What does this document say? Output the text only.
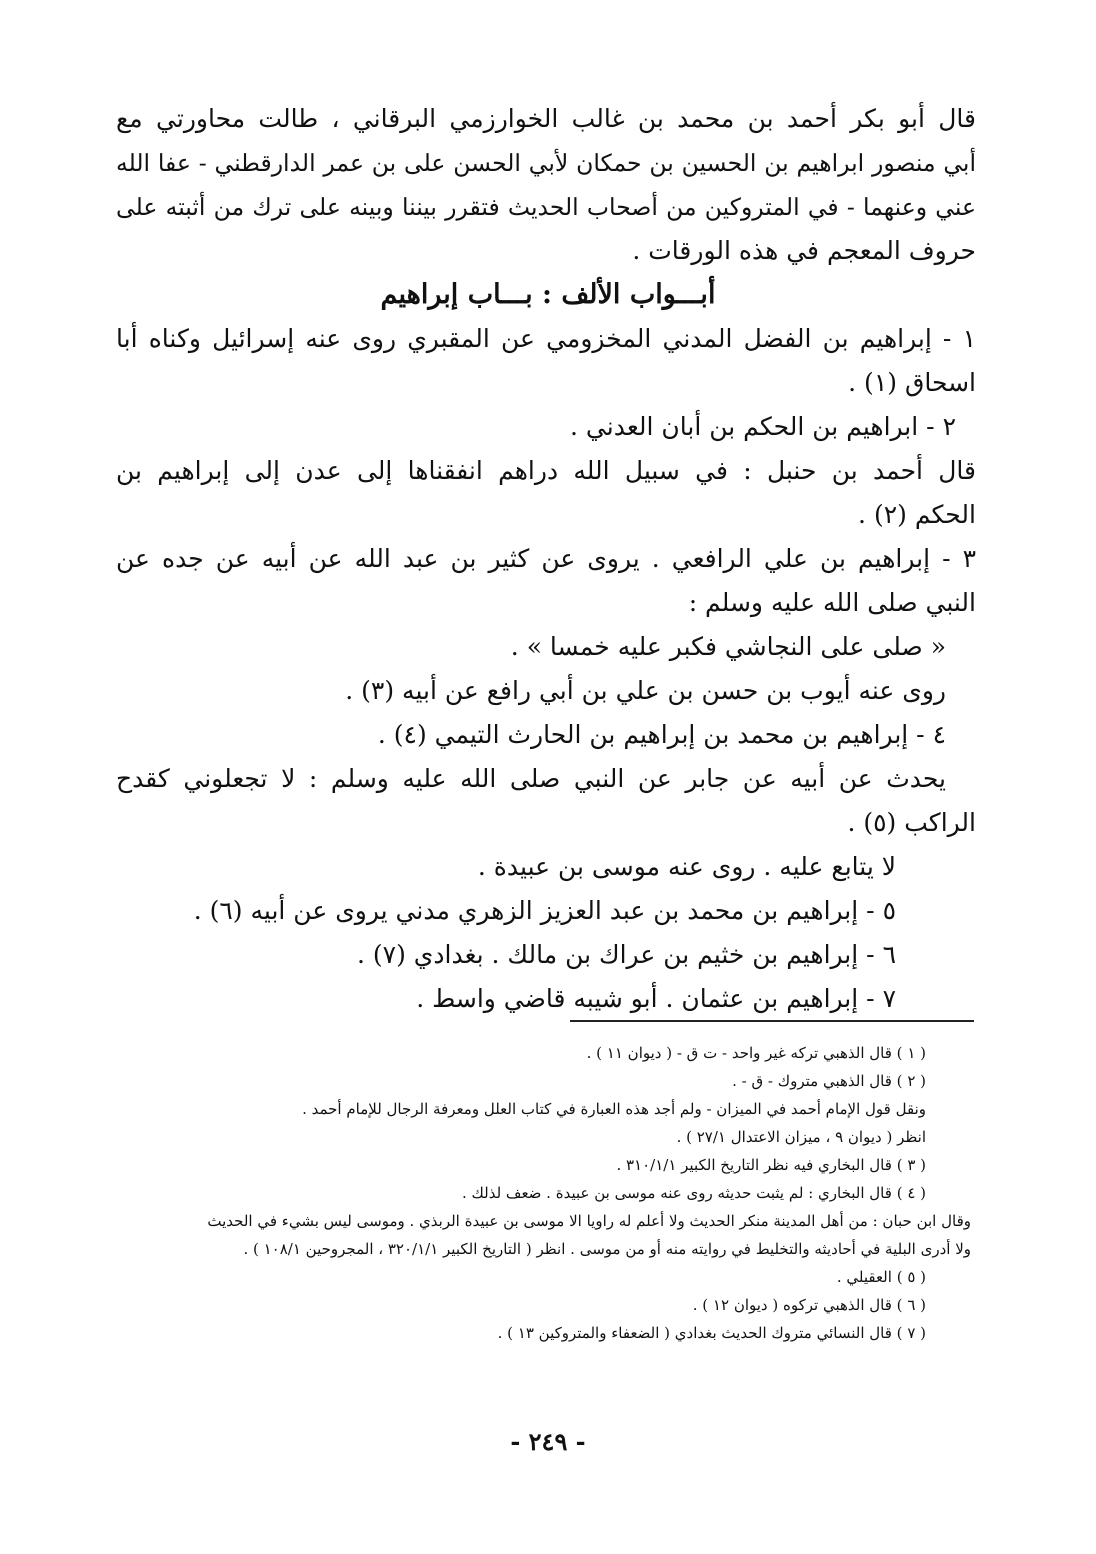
قال أبو بكر أحمد بن محمد بن غالب الخوارزمي البرقاني ، طالت محاورتي مع
أبي منصور ابراهيم بن الحسين بن حمكان لأبي الحسن على بن عمر الدارقطني - عفا الله
عني وعنهما - في المتروكين من أصحاب الحديث فتقرر بيننا وبينه على ترك من أثبته على
حروف المعجم في هذه الورقات .
أبـــواب الألف : بـــاب إبراهيم
١ - إبراهيم بن الفضل المدني المخزومي عن المقبري روى عنه إسرائيل وكناه أبا
اسحاق (١) .
٢ - ابراهيم بن الحكم بن أبان العدني .
قال أحمد بن حنبل : في سبيل الله دراهم انفقناها إلى عدن إلى إبراهيم بن
الحكم (٢) .
٣ - إبراهيم بن علي الرافعي . يروى عن كثير بن عبد الله عن أبيه عن جده عن
النبي صلى الله عليه وسلم :
« صلى على النجاشي فكبر عليه خمسا » .
روى عنه أيوب بن حسن بن علي بن أبي رافع عن أبيه (٣) .
٤ - إبراهيم بن محمد بن إبراهيم بن الحارث التيمي (٤) .
يحدث عن أبيه عن جابر عن النبي صلى الله عليه وسلم : لا تجعلوني كقدح
الراكب (٥) .
لا يتابع عليه . روى عنه موسى بن عبيدة .
٥ - إبراهيم بن محمد بن عبد العزيز الزهري مدني يروى عن أبيه (٦) .
٦ - إبراهيم بن خثيم بن عراك بن مالك . بغدادي (٧) .
٧ - إبراهيم بن عثمان . أبو شيبه قاضي واسط .
( ١ ) قال الذهبي تركه غير واحد - ت ق - ( ديوان ١١ ) .
( ٢ ) قال الذهبي متروك - ق - .
ونقل قول الإمام أحمد في الميزان - ولم أجد هذه العبارة في كتاب العلل ومعرفة الرجال للإمام أحمد .
انظر ( ديوان ٩ ، ميزان الاعتدال ٢٧/١ ) .
( ٣ ) قال البخاري فيه نظر التاريخ الكبير ٣١٠/١/١ .
( ٤ ) قال البخاري : لم يثبت حديثه روى عنه موسى بن عبيدة . ضعف لذلك .
وقال ابن حبان : من أهل المدينة منكر الحديث ولا أعلم له راويا الا موسى بن عبيدة الربذي . وموسى ليس بشيء في الحديث
ولا أدرى البلية في أحاديثه والتخليط في روايته منه أو من موسى . انظر ( التاريخ الكبير ٣٢٠/١/١ ، المجروحين ١٠٨/١ ) .
( ٥ ) العقيلي .
( ٦ ) قال الذهبي تركوه ( ديوان ١٢ ) .
( ٧ ) قال النسائي متروك الحديث بغدادي ( الضعفاء والمتروكين ١٣ ) .
- ٢٤٩ -
